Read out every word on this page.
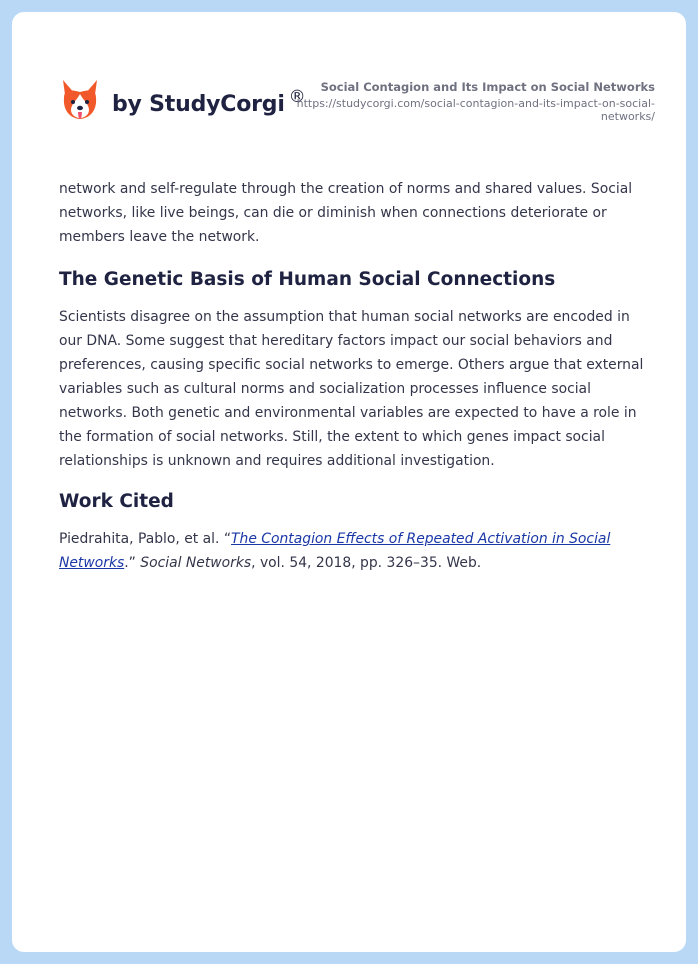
by StudyCorgi ®	Social Contagion and Its Impact on Social Networks
https://studycorgi.com/social-contagion-and-its-impact-on-social-networks/

network and self-regulate through the creation of norms and shared values. Social networks, like live beings, can die or diminish when connections deteriorate or members leave the network.

The Genetic Basis of Human Social Connections

Scientists disagree on the assumption that human social networks are encoded in our DNA. Some suggest that hereditary factors impact our social behaviors and preferences, causing specific social networks to emerge. Others argue that external variables such as cultural norms and socialization processes influence social networks. Both genetic and environmental variables are expected to have a role in the formation of social networks. Still, the extent to which genes impact social relationships is unknown and requires additional investigation.

Work Cited

Piedrahita, Pablo, et al. “The Contagion Effects of Repeated Activation in Social Networks.” Social Networks, vol. 54, 2018, pp. 326–35. Web.
